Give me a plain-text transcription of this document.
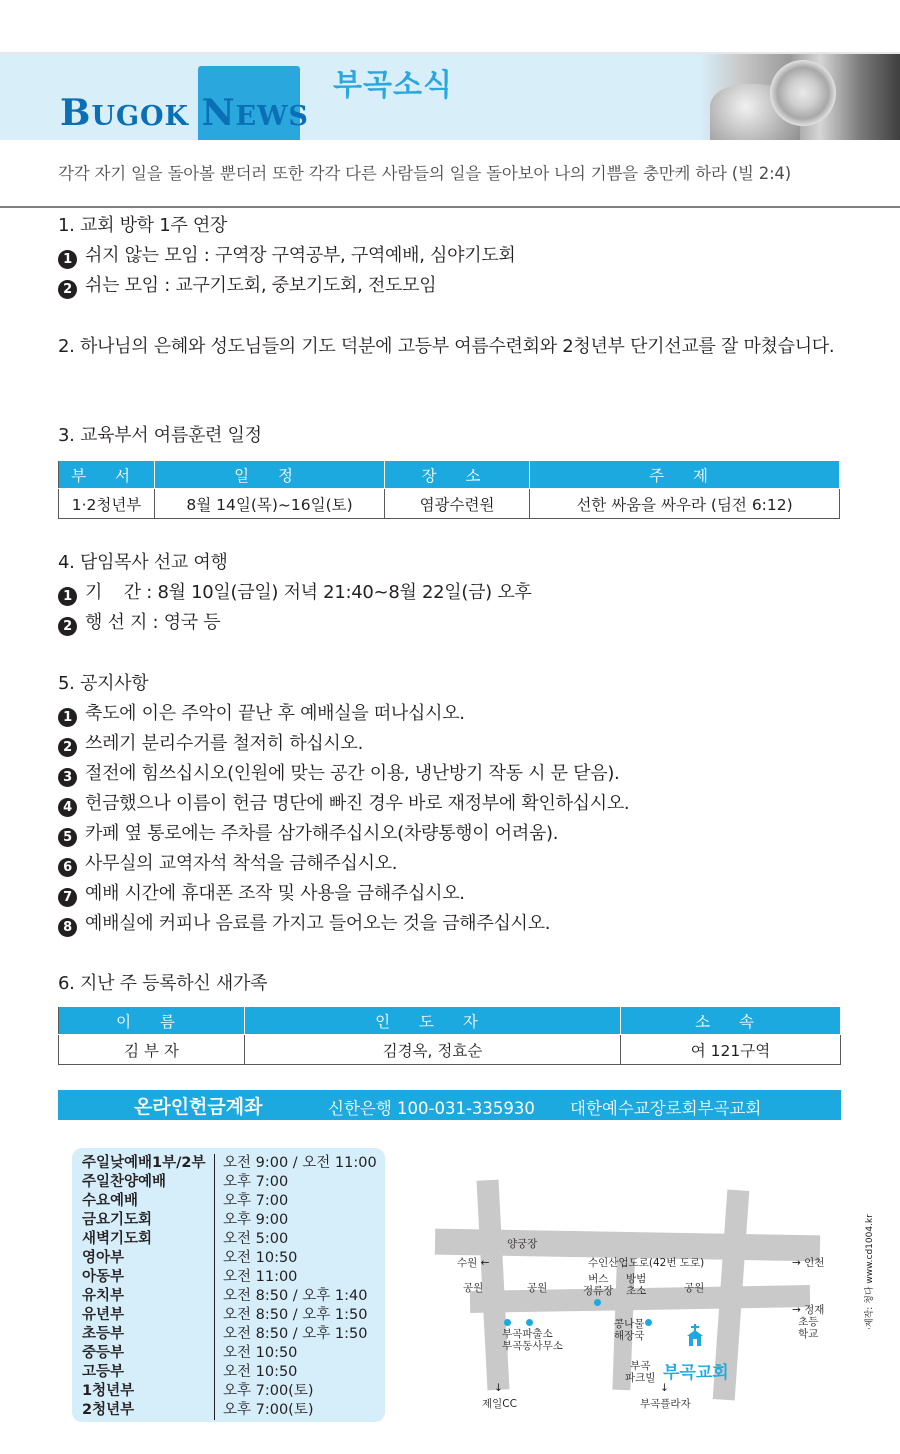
BUGOK NEWS
부곡소식
각각 자기 일을 돌아볼 뿐더러 또한 각각 다른 사람들의 일을 돌아보아 나의 기쁨을 충만케 하라 (빌 2:4)
1. 교회 방학 1주 연장
1 쉬지 않는 모임 : 구역장 구역공부, 구역예배, 심야기도회
2 쉬는 모임 : 교구기도회, 중보기도회, 전도모임
2. 하나님의 은혜와 성도님들의 기도 덕분에 고등부 여름수련회와 2청년부 단기선교를 잘 마쳤습니다.
3. 교육부서 여름훈련 일정
부 서	일 정	장 소	주 제
1·2청년부	8월 14일(목)~16일(토)	염광수련원	선한 싸움을 싸우라 (딤전 6:12)
4. 담임목사 선교 여행
1 기    간 : 8월 10일(금일) 저녁 21:40~8월 22일(금) 오후
2 행 선 지 : 영국 등
5. 공지사항
1 축도에 이은 주악이 끝난 후 예배실을 떠나십시오.
2 쓰레기 분리수거를 철저히 하십시오.
3 절전에 힘쓰십시오(인원에 맞는 공간 이용, 냉난방기 작동 시 문 닫음).
4 헌금했으나 이름이 헌금 명단에 빠진 경우 바로 재정부에 확인하십시오.
5 카페 옆 통로에는 주차를 삼가해주십시오(차량통행이 어려움).
6 사무실의 교역자석 착석을 금해주십시오.
7 예배 시간에 휴대폰 조작 및 사용을 금해주십시오.
8 예배실에 커피나 음료를 가지고 들어오는 것을 금해주십시오.
6. 지난 주 등록하신 새가족
이 름	인 도 자	소 속
김 부 자	김경옥, 정효순	여 121구역
온라인헌금계좌	신한은행 100-031-335930 대한예수교장로회부곡교회
주일낮예배1부/2부 오전 9:00 / 오전 11:00
주일찬양예배	오후 7:00
수요예배	오후 7:00
금요기도회	오후 9:00
새벽기도회	오전 5:00
영아부	오전 10:50
아동부	오전 11:00
유치부	오전 8:50 / 오후 1:40
유년부	오전 8:50 / 오후 1:50
초등부	오전 8:50 / 오후 1:50
중등부	오전 10:50
고등부	오전 10:50
1청년부	오후 7:00(토)
2청년부	오후 7:00(토)
양궁장
수원 ←	수인산업도로(42번 도로)	→ 인천
공원	공원	공원
버스
정류장
방범
초소
→ 정재
초등
학교
부곡파출소
부곡동사무소
콩나물
해장국
부곡
파크빌 부곡교회
↓
제일CC
↓
부곡플라자
·제작: 청다 www.cd1004.kr
